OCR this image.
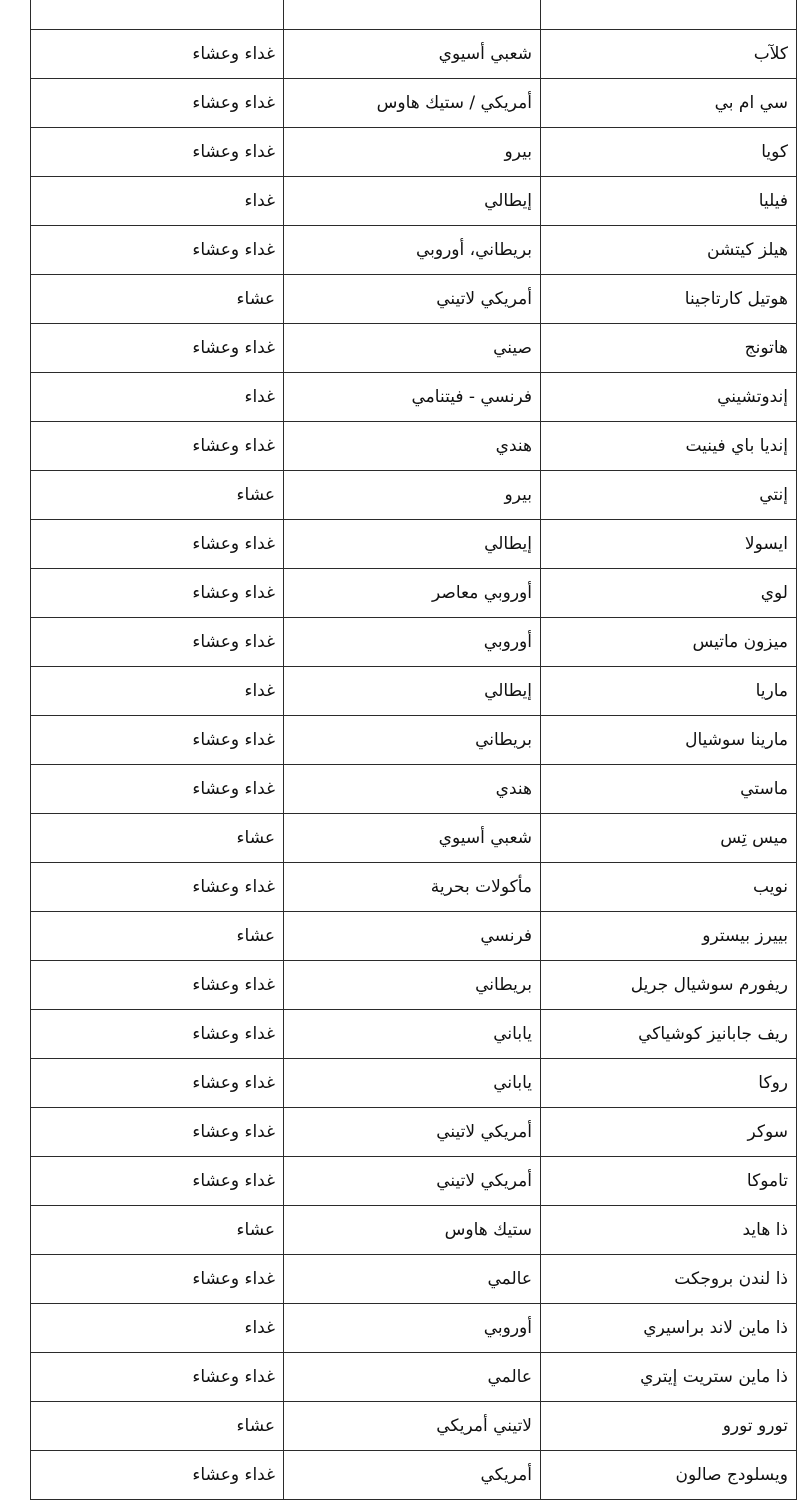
كلآب	شعبي أسيوي	غداء وعشاء
سي ام بي	أمريكي / ستيك هاوس	غداء وعشاء
كويا	بيرو	غداء وعشاء
فيليا	إيطالي	غداء
هيلز كيتشن	بريطاني، أوروبي	غداء وعشاء
هوتيل كارتاجينا	أمريكي لاتيني	عشاء
هاتونج	صيني	غداء وعشاء
إندوتشيني	فرنسي - فيتنامي	غداء
إنديا باي فينيت	هندي	غداء وعشاء
إنتي	بيرو	عشاء
ايسولا	إيطالي	غداء وعشاء
لوي	أوروبي معاصر	غداء وعشاء
ميزون ماتيس	أوروبي	غداء وعشاء
ماريا	إيطالي	غداء
مارينا سوشيال	بريطاني	غداء وعشاء
ماستي	هندي	غداء وعشاء
ميس تِس	شعبي أسيوي	عشاء
نويب	مأكولات بحرية	غداء وعشاء
بييرز بيسترو	فرنسي	عشاء
ريفورم سوشيال جريل	بريطاني	غداء وعشاء
ريف جابانيز كوشياكي	ياباني	غداء وعشاء
روكا	ياباني	غداء وعشاء
سوكر	أمريكي لاتيني	غداء وعشاء
تاموكا	أمريكي لاتيني	غداء وعشاء
ذا هايد	ستيك هاوس	عشاء
ذا لندن بروجكت	عالمي	غداء وعشاء
ذا ماين لاند براسيري	أوروبي	غداء
ذا ماين ستريت إيتري	عالمي	غداء وعشاء
تورو تورو	لاتيني أمريكي	عشاء
ويسلودج صالون	أمريكي	غداء وعشاء
